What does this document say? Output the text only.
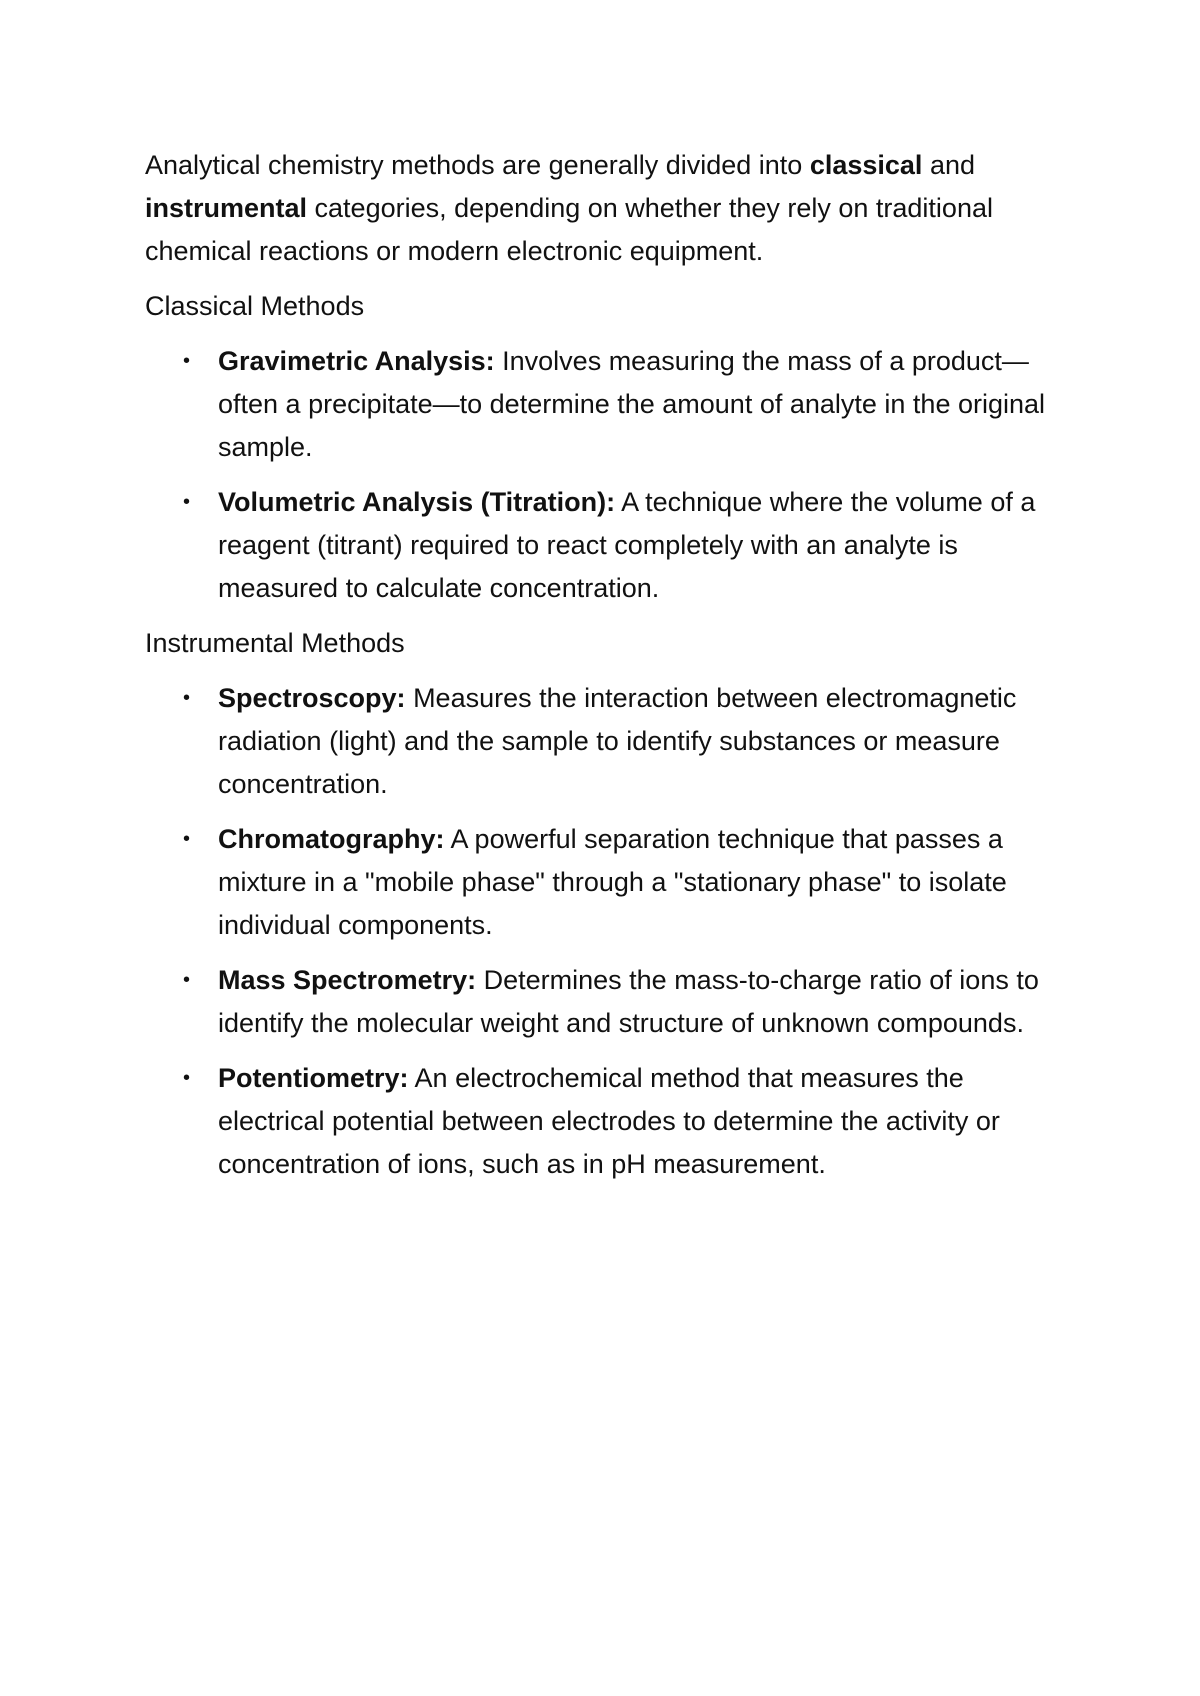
Analytical chemistry methods are generally divided into classical and instrumental categories, depending on whether they rely on traditional chemical reactions or modern electronic equipment.

Classical Methods
• Gravimetric Analysis: Involves measuring the mass of a product—often a precipitate—to determine the amount of analyte in the original sample.
• Volumetric Analysis (Titration): A technique where the volume of a reagent (titrant) required to react completely with an analyte is measured to calculate concentration.
Instrumental Methods
• Spectroscopy: Measures the interaction between electromagnetic radiation (light) and the sample to identify substances or measure concentration.
• Chromatography: A powerful separation technique that passes a mixture in a "mobile phase" through a "stationary phase" to isolate individual components.
• Mass Spectrometry: Determines the mass-to-charge ratio of ions to identify the molecular weight and structure of unknown compounds.
• Potentiometry: An electrochemical method that measures the electrical potential between electrodes to determine the activity or concentration of ions, such as in pH measurement.
